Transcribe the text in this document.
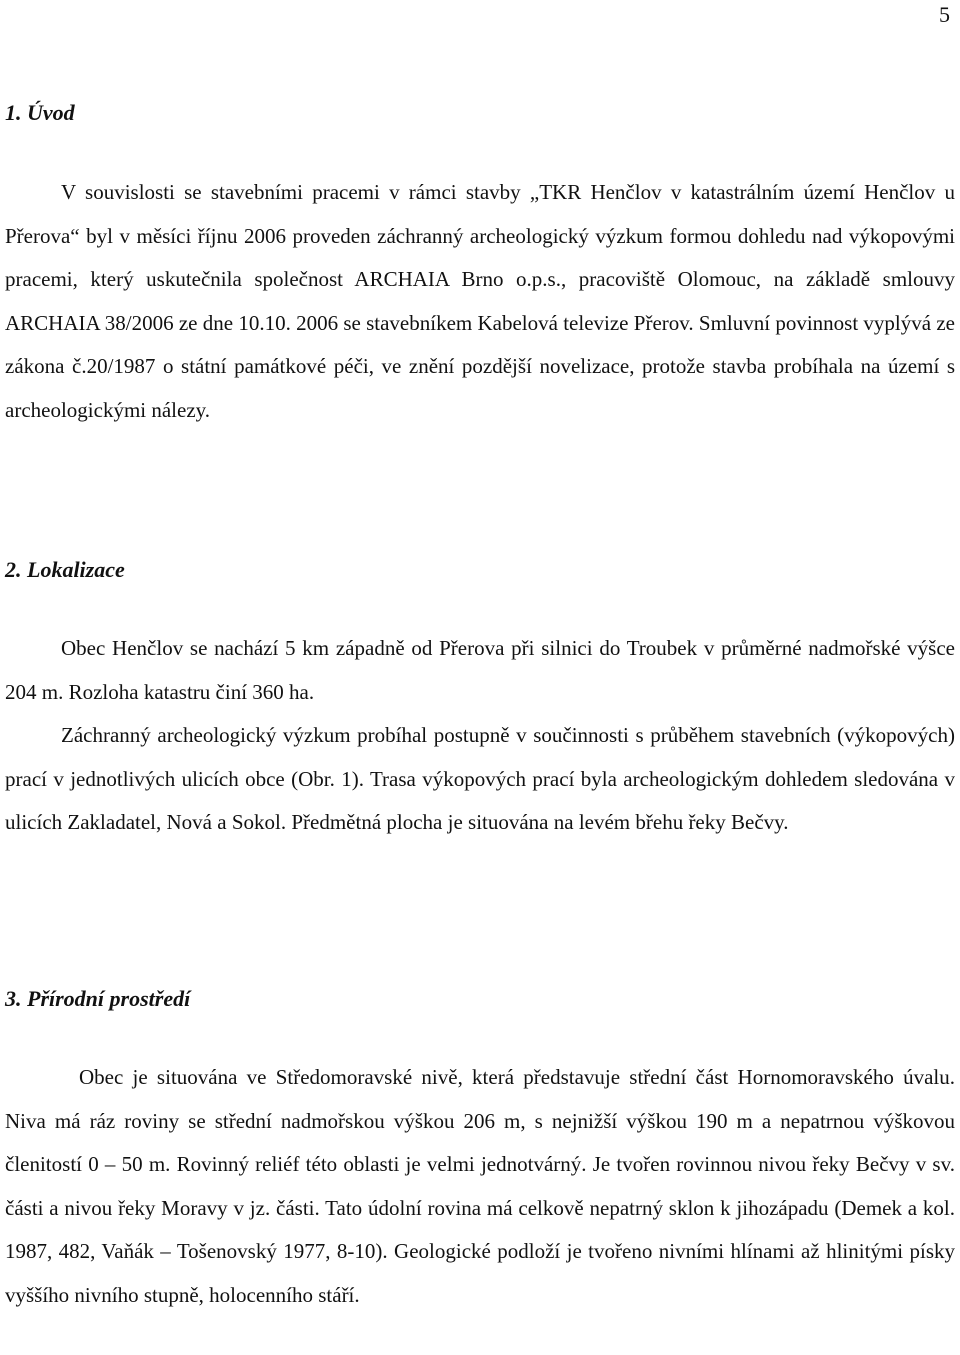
5
1. Úvod

V souvislosti se stavebními pracemi v rámci stavby „TKR Henčlov v katastrálním území Henčlov u Přerova“ byl v měsíci říjnu 2006 proveden záchranný archeologický výzkum formou dohledu nad výkopovými pracemi, který uskutečnila společnost ARCHAIA Brno o.p.s., pracoviště Olomouc, na základě smlouvy ARCHAIA 38/2006 ze dne 10.10. 2006 se stavebníkem Kabelová televize Přerov. Smluvní povinnost vyplývá ze zákona č.20/1987 o státní památkové péči, ve znění pozdější novelizace, protože stavba probíhala na území s archeologickými nálezy.

2. Lokalizace

Obec Henčlov se nachází 5 km západně od Přerova při silnici do Troubek v průměrné nadmořské výšce 204 m. Rozloha katastru činí 360 ha.

Záchranný archeologický výzkum probíhal postupně v součinnosti s průběhem stavebních (výkopových) prací v jednotlivých ulicích obce (Obr. 1). Trasa výkopových prací byla archeologickým dohledem sledována v ulicích Zakladatel, Nová a Sokol. Předmětná plocha je situována na levém břehu řeky Bečvy.

3. Přírodní prostředí

Obec je situována ve Středomoravské nivě, která představuje střední část Hornomoravského úvalu. Niva má ráz roviny se střední nadmořskou výškou 206 m, s nejnižší výškou 190 m a nepatrnou výškovou členitostí 0 – 50 m. Rovinný reliéf této oblasti je velmi jednotvárný. Je tvořen rovinnou nivou řeky Bečvy v sv. části a nivou řeky Moravy v jz. části. Tato údolní rovina má celkově nepatrný sklon k jihozápadu (Demek a kol. 1987, 482, Vaňák – Tošenovský 1977, 8-10). Geologické podloží je tvořeno nivními hlínami až hlinitými písky vyššího nivního stupně, holocenního stáří.
